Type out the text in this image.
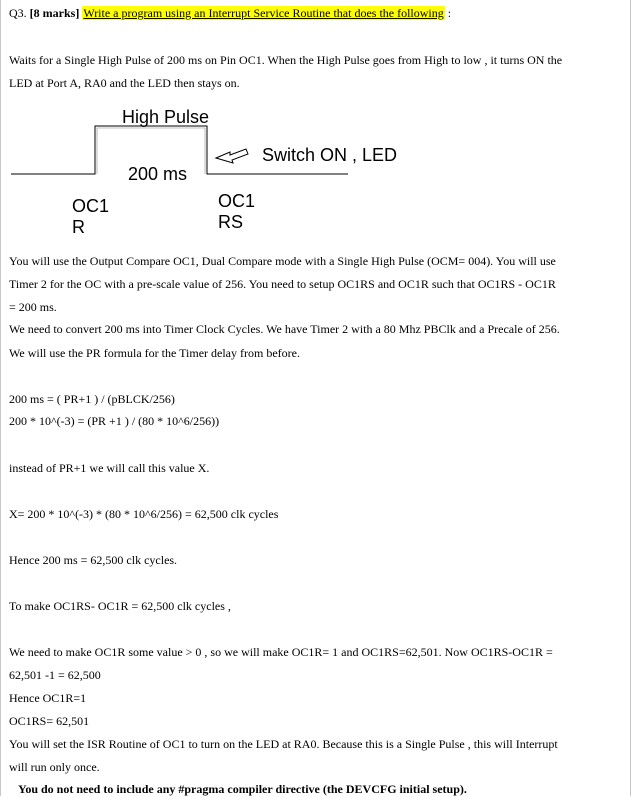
Q3. [8 marks] Write a program using an Interrupt Service Routine that does the following :
Waits for a Single High Pulse of 200 ms on Pin OC1. When the High Pulse goes from High to low , it turns ON the
LED at Port A, RA0 and the LED then stays on.
High Pulse
Switch ON , LED
200 ms
OC1
R
OC1
RS
You will use the Output Compare OC1, Dual Compare mode with a Single High Pulse (OCM= 004). You will use
Timer 2 for the OC with a pre-scale value of 256. You need to setup OC1RS and OC1R such that OC1RS - OC1R
= 200 ms.
We need to convert 200 ms into Timer Clock Cycles. We have Timer 2 with a 80 Mhz PBClk and a Precale of 256.
We will use the PR formula for the Timer delay from before.
200 ms = ( PR+1 ) / (pBLCK/256)
200 * 10^(-3) = (PR +1 ) / (80 * 10^6/256))
instead of PR+1 we will call this value X.
X= 200 * 10^(-3) * (80 * 10^6/256) = 62,500 clk cycles
Hence 200 ms = 62,500 clk cycles.
To make OC1RS- OC1R = 62,500 clk cycles ,
We need to make OC1R some value > 0 , so we will make OC1R= 1 and OC1RS=62,501. Now OC1RS-OC1R =
62,501 -1 = 62,500
Hence OC1R=1
OC1RS= 62,501
You will set the ISR Routine of OC1 to turn on the LED at RA0. Because this is a Single Pulse , this will Interrupt
will run only once.
You do not need to include any #pragma compiler directive (the DEVCFG initial setup).
